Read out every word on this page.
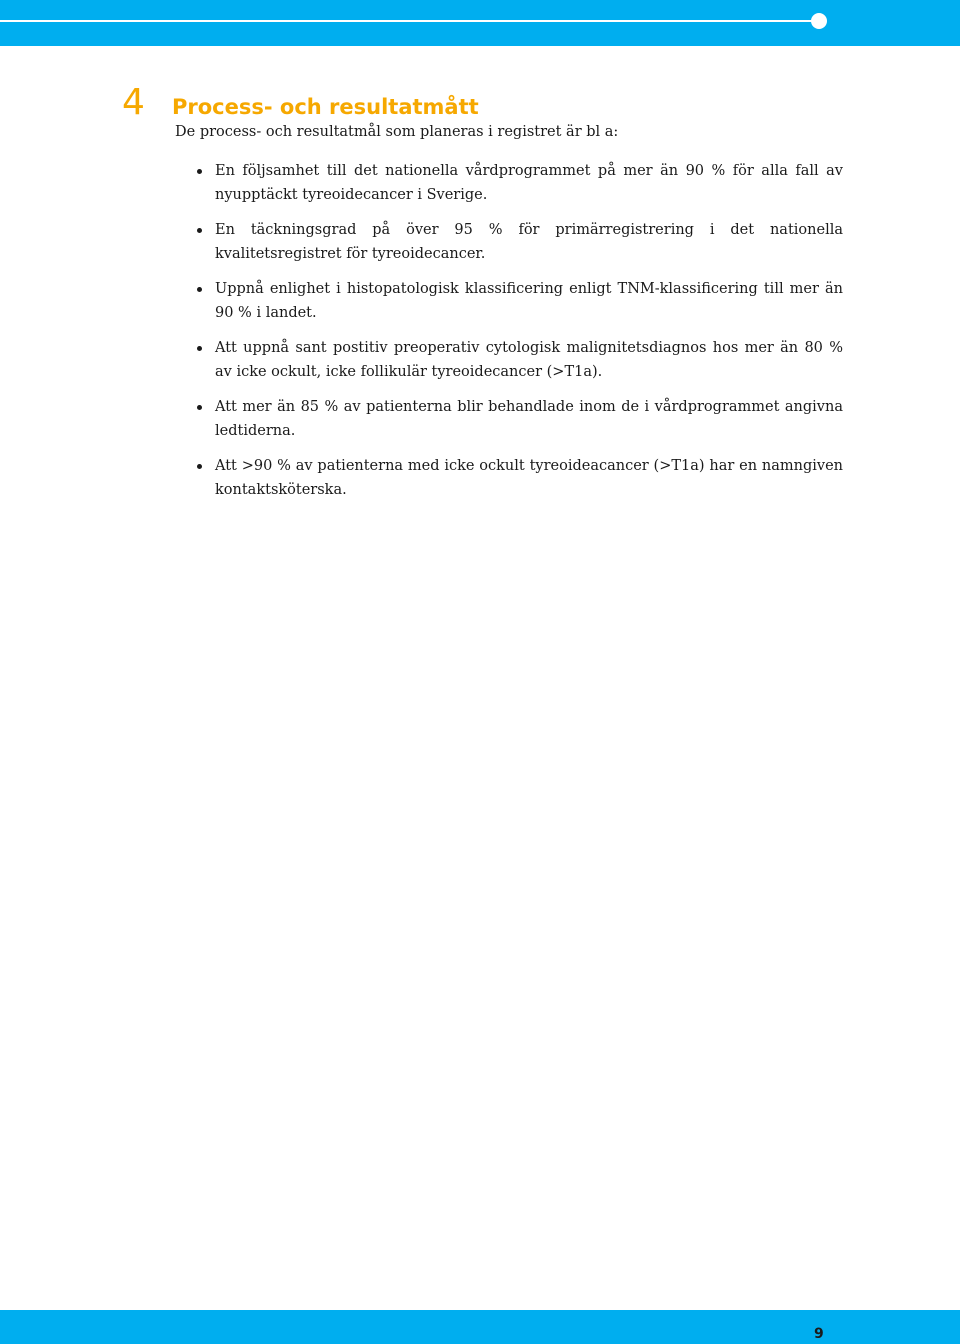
4 Process- och resultatmått

De process- och resultatmål som planeras i registret är bl a:

En följsamhet till det nationella vårdprogrammet på mer än 90 % för alla fall av nyupptäckt tyreoidecancer i Sverige.
En täckningsgrad på över 95 % för primärregistrering i det nationella kvalitetsregistret för tyreoidecancer.
Uppnå enlighet i histopatologisk klassificering enligt TNM-klassificering till mer än 90 % i landet.
Att uppnå sant postitiv preoperativ cytologisk malignitetsdiagnos hos mer än 80 % av icke ockult, icke follikulär tyreoidecancer (>T1a).
Att mer än 85 % av patienterna blir behandlade inom de i vårdprogrammet angivna ledtiderna.
Att >90 % av patienterna med icke ockult tyreoideacancer (>T1a) har en namngiven kontaktsköterska.
9
